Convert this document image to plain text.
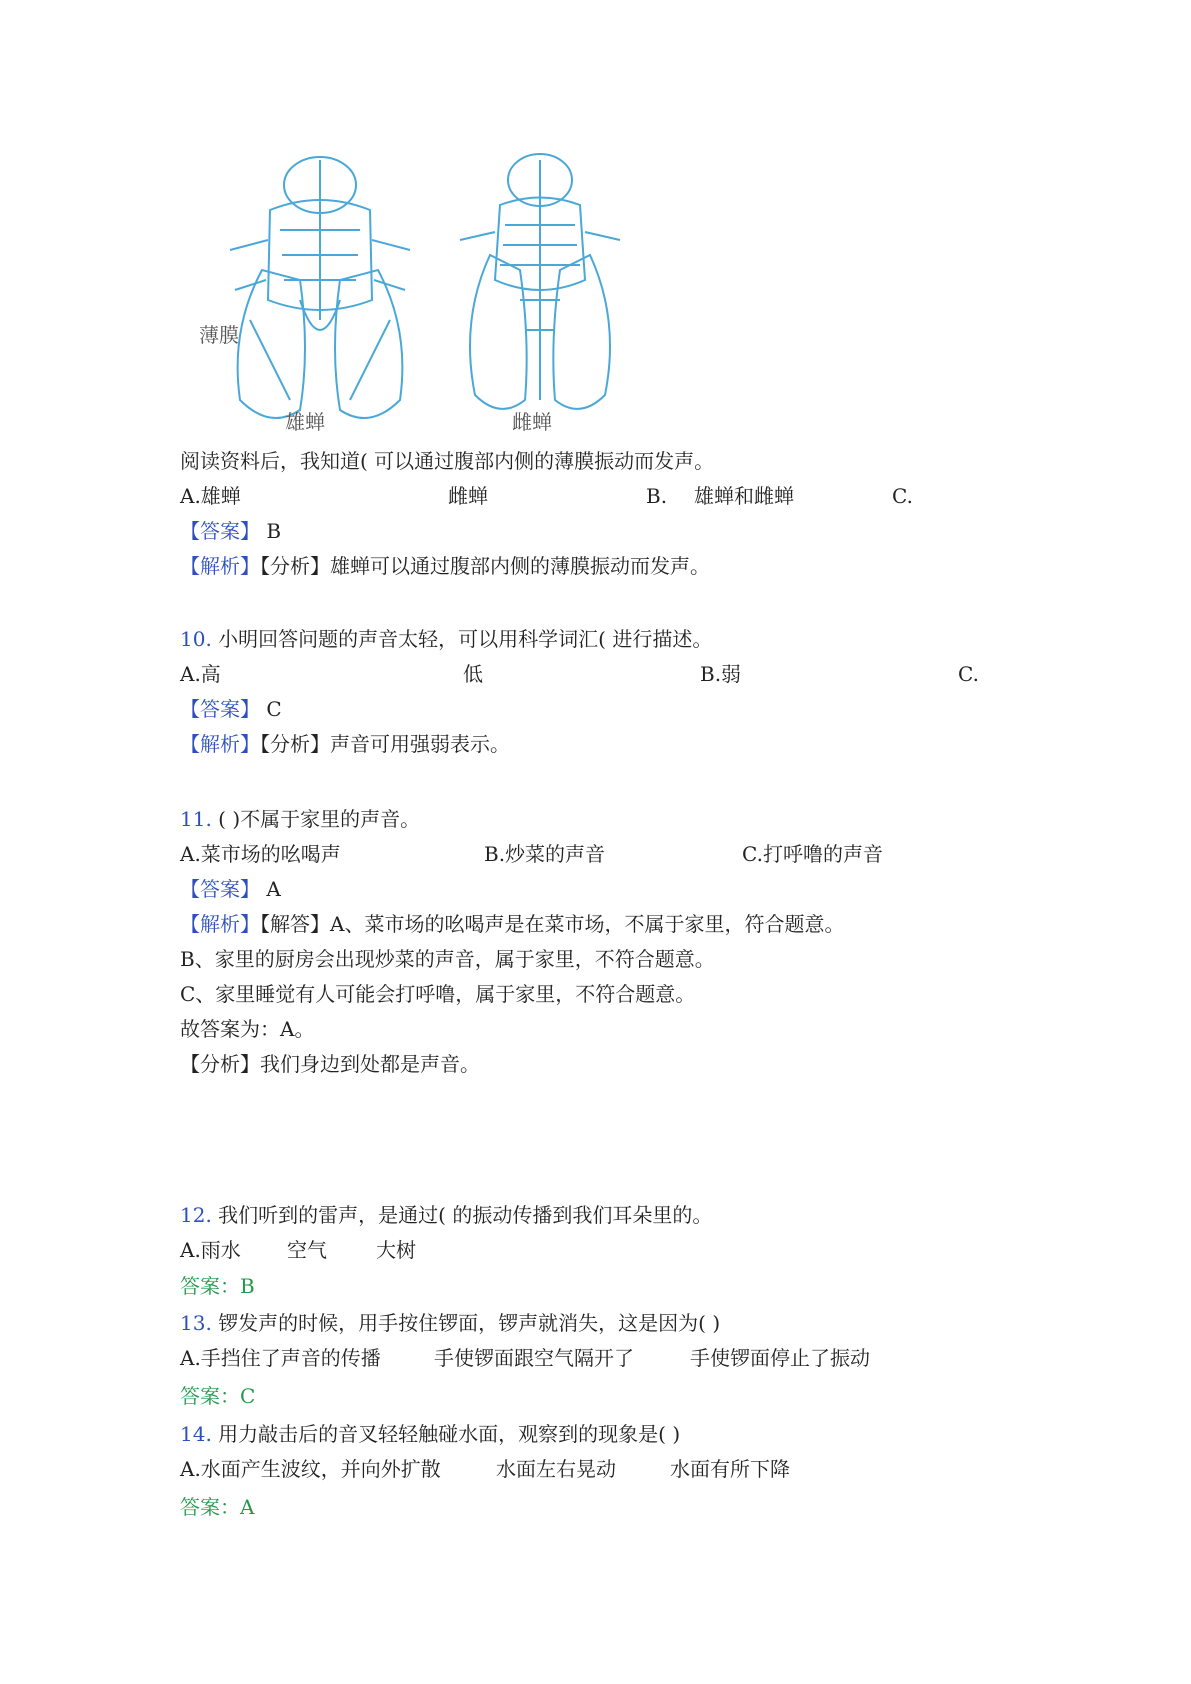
薄膜
雄蝉	雌蝉
阅读资料后，我知道( 可以通过腹部内侧的薄膜振动而发声。
A.雄蝉	雌蝉	B. 雄蝉和雌蝉	C.
【答案】 B
【解析】【分析】雄蝉可以通过腹部内侧的薄膜振动而发声。
10. 小明回答问题的声音太轻，可以用科学词汇( 进行描述。
A.高	低	B.弱	C.
【答案】 C
【解析】【分析】声音可用强弱表示。
11. ( )不属于家里的声音。
A.菜市场的吆喝声	B.炒菜的声音	C.打呼噜的声音
【答案】 A
【解析】【解答】A、菜市场的吆喝声是在菜市场，不属于家里，符合题意。
B、家里的厨房会出现炒菜的声音，属于家里，不符合题意。
C、家里睡觉有人可能会打呼噜，属于家里，不符合题意。
故答案为：A。
【分析】我们身边到处都是声音。
12. 我们听到的雷声，是通过( 的振动传播到我们耳朵里的。
A.雨水 空气 大树
答案：B
13. 锣发声的时候，用手按住锣面，锣声就消失，这是因为( )
A.手挡住了声音的传播	手使锣面跟空气隔开了	手使锣面停止了振动
答案：C
14. 用力敲击后的音叉轻轻触碰水面，观察到的现象是( )
A.水面产生波纹，并向外扩散	水面左右晃动	水面有所下降
答案：A
